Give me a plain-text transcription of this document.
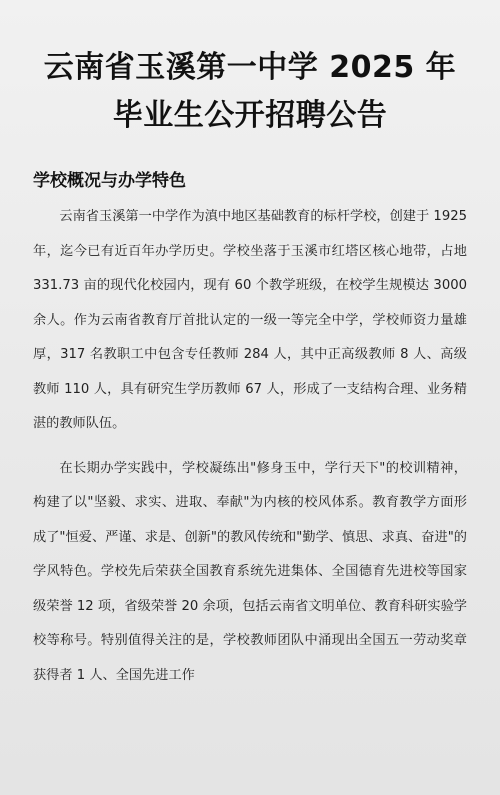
云南省玉溪第一中学 2025 年
毕业生公开招聘公告
学校概况与办学特色

云南省玉溪第一中学作为滇中地区基础教育的标杆学校，创建于 1925 年，迄今已有近百年办学历史。学校坐落于玉溪市红塔区核心地带，占地 331.73 亩的现代化校园内，现有 60 个教学班级，在校学生规模达 3000 余人。作为云南省教育厅首批认定的一级一等完全中学，学校师资力量雄厚，317 名教职工中包含专任教师 284 人，其中正高级教师 8 人、高级教师 110 人，具有研究生学历教师 67 人，形成了一支结构合理、业务精湛的教师队伍。

在长期办学实践中，学校凝练出"修身玉中，学行天下"的校训精神，构建了以"坚毅、求实、进取、奉献"为内核的校风体系。教育教学方面形成了"恒爱、严谨、求是、创新"的教风传统和"勤学、慎思、求真、奋进"的学风特色。学校先后荣获全国教育系统先进集体、全国德育先进校等国家级荣誉 12 项，省级荣誉 20 余项，包括云南省文明单位、教育科研实验学校等称号。特别值得关注的是，学校教师团队中涌现出全国五一劳动奖章获得者 1 人、全国先进工作
